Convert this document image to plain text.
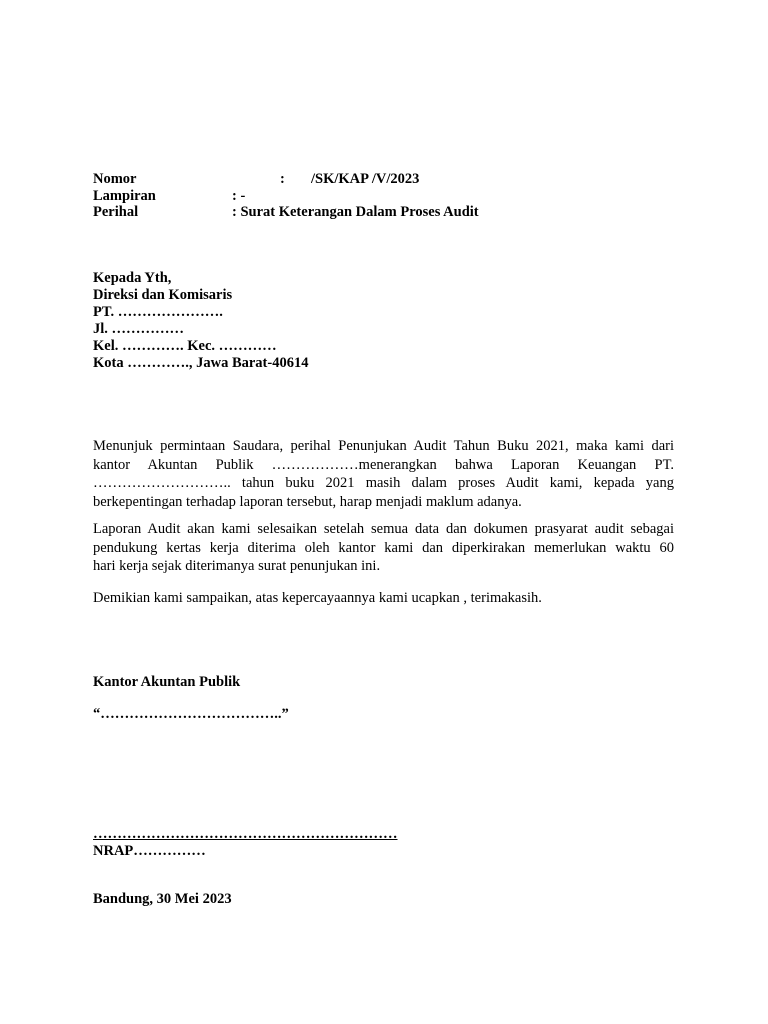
Nomor	: /SK/KAP /V/2023
Lampiran	: -
Perihal	: Surat Keterangan Dalam Proses Audit
Kepada Yth,
Direksi dan Komisaris
PT. ………………….
Jl. ……………
Kel. …………. Kec. …………
Kota …………., Jawa Barat-40614
Menunjuk permintaan Saudara, perihal Penunjukan Audit Tahun Buku 2021, maka kami dari
kantor Akuntan Publik ………………menerangkan bahwa Laporan Keuangan PT.
……………………….. tahun buku 2021 masih dalam proses Audit kami, kepada yang
berkepentingan terhadap laporan tersebut, harap menjadi maklum adanya.
Laporan Audit akan kami selesaikan setelah semua data dan dokumen prasyarat audit sebagai
pendukung kertas kerja diterima oleh kantor kami dan diperkirakan memerlukan waktu 60
hari kerja sejak diterimanya surat penunjukan ini.
Demikian kami sampaikan, atas kepercayaannya kami ucapkan , terimakasih.
Kantor Akuntan Publik
“………………………………..”
………………………………………………………
NRAP……………
Bandung, 30 Mei 2023
